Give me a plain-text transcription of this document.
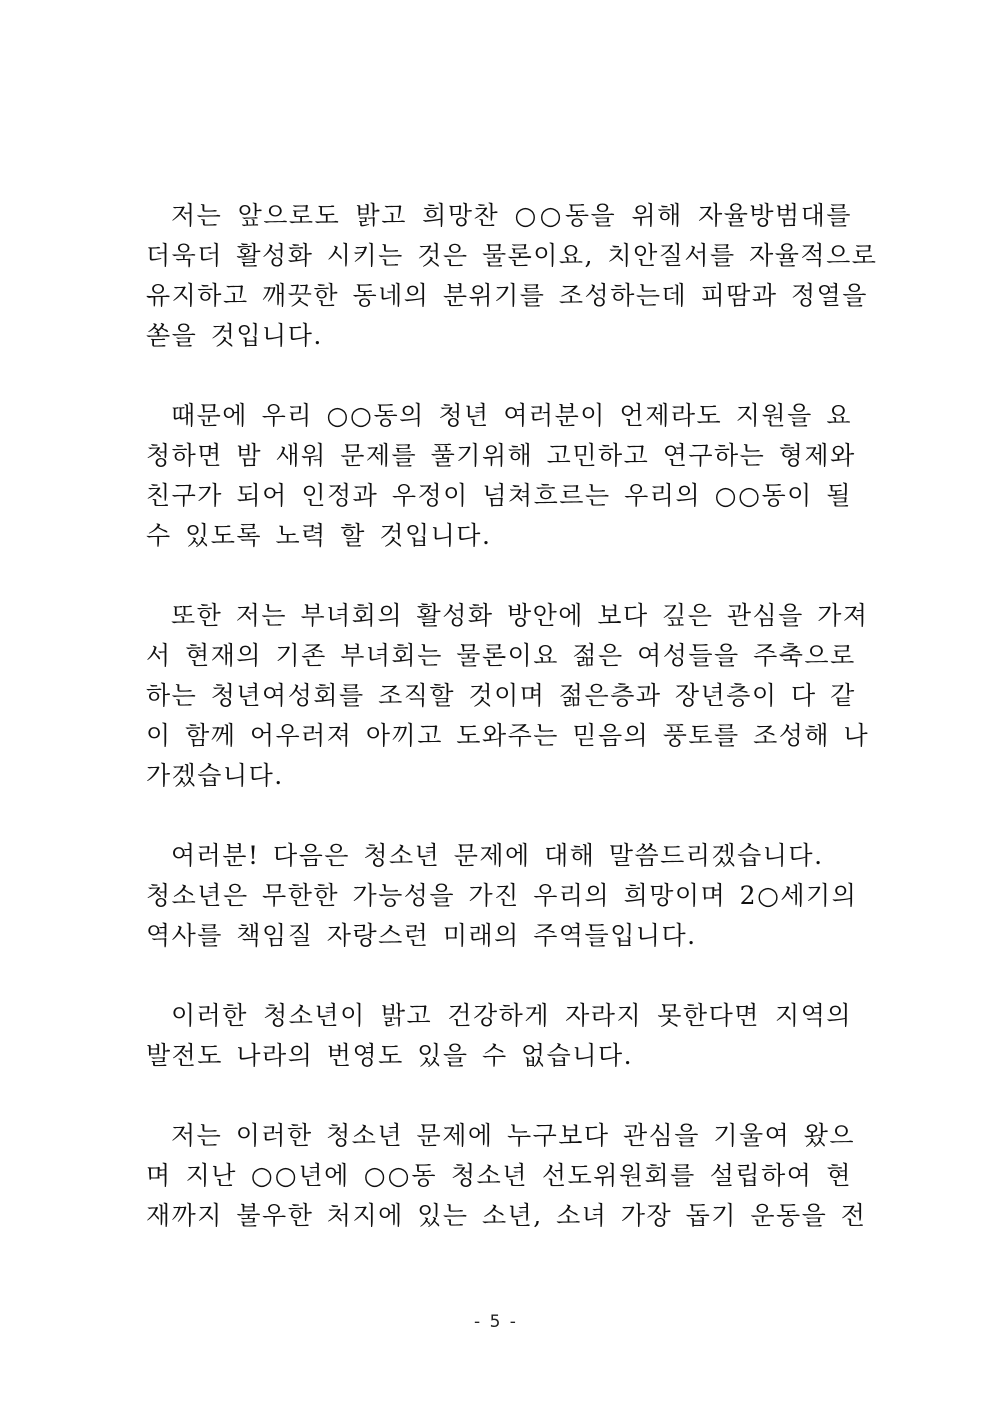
저는 앞으로도 밝고 희망찬 ○○동을 위해 자율방범대를
더욱더 활성화 시키는 것은 물론이요, 치안질서를 자율적으로
유지하고 깨끗한 동네의 분위기를 조성하는데 피땀과 정열을
쏟을 것입니다.

때문에 우리 ○○동의 청년 여러분이 언제라도 지원을 요
청하면 밤 새워 문제를 풀기위해 고민하고 연구하는 형제와
친구가 되어 인정과 우정이 넘쳐흐르는 우리의 ○○동이 될
수 있도록 노력 할 것입니다.

또한 저는 부녀회의 활성화 방안에 보다 깊은 관심을 가져
서 현재의 기존 부녀회는 물론이요 젊은 여성들을 주축으로
하는 청년여성회를 조직할 것이며 젊은층과 장년층이 다 같
이 함께 어우러져 아끼고 도와주는 믿음의 풍토를 조성해 나
가겠습니다.

여러분! 다음은 청소년 문제에 대해 말씀드리겠습니다.
청소년은 무한한 가능성을 가진 우리의 희망이며 2○세기의
역사를 책임질 자랑스런 미래의 주역들입니다.

이러한 청소년이 밝고 건강하게 자라지 못한다면 지역의
발전도 나라의 번영도 있을 수 없습니다.

저는 이러한 청소년 문제에 누구보다 관심을 기울여 왔으
며 지난 ○○년에 ○○동 청소년 선도위원회를 설립하여 현
재까지 불우한 처지에 있는 소년, 소녀 가장 돕기 운동을 전

- 5 -
